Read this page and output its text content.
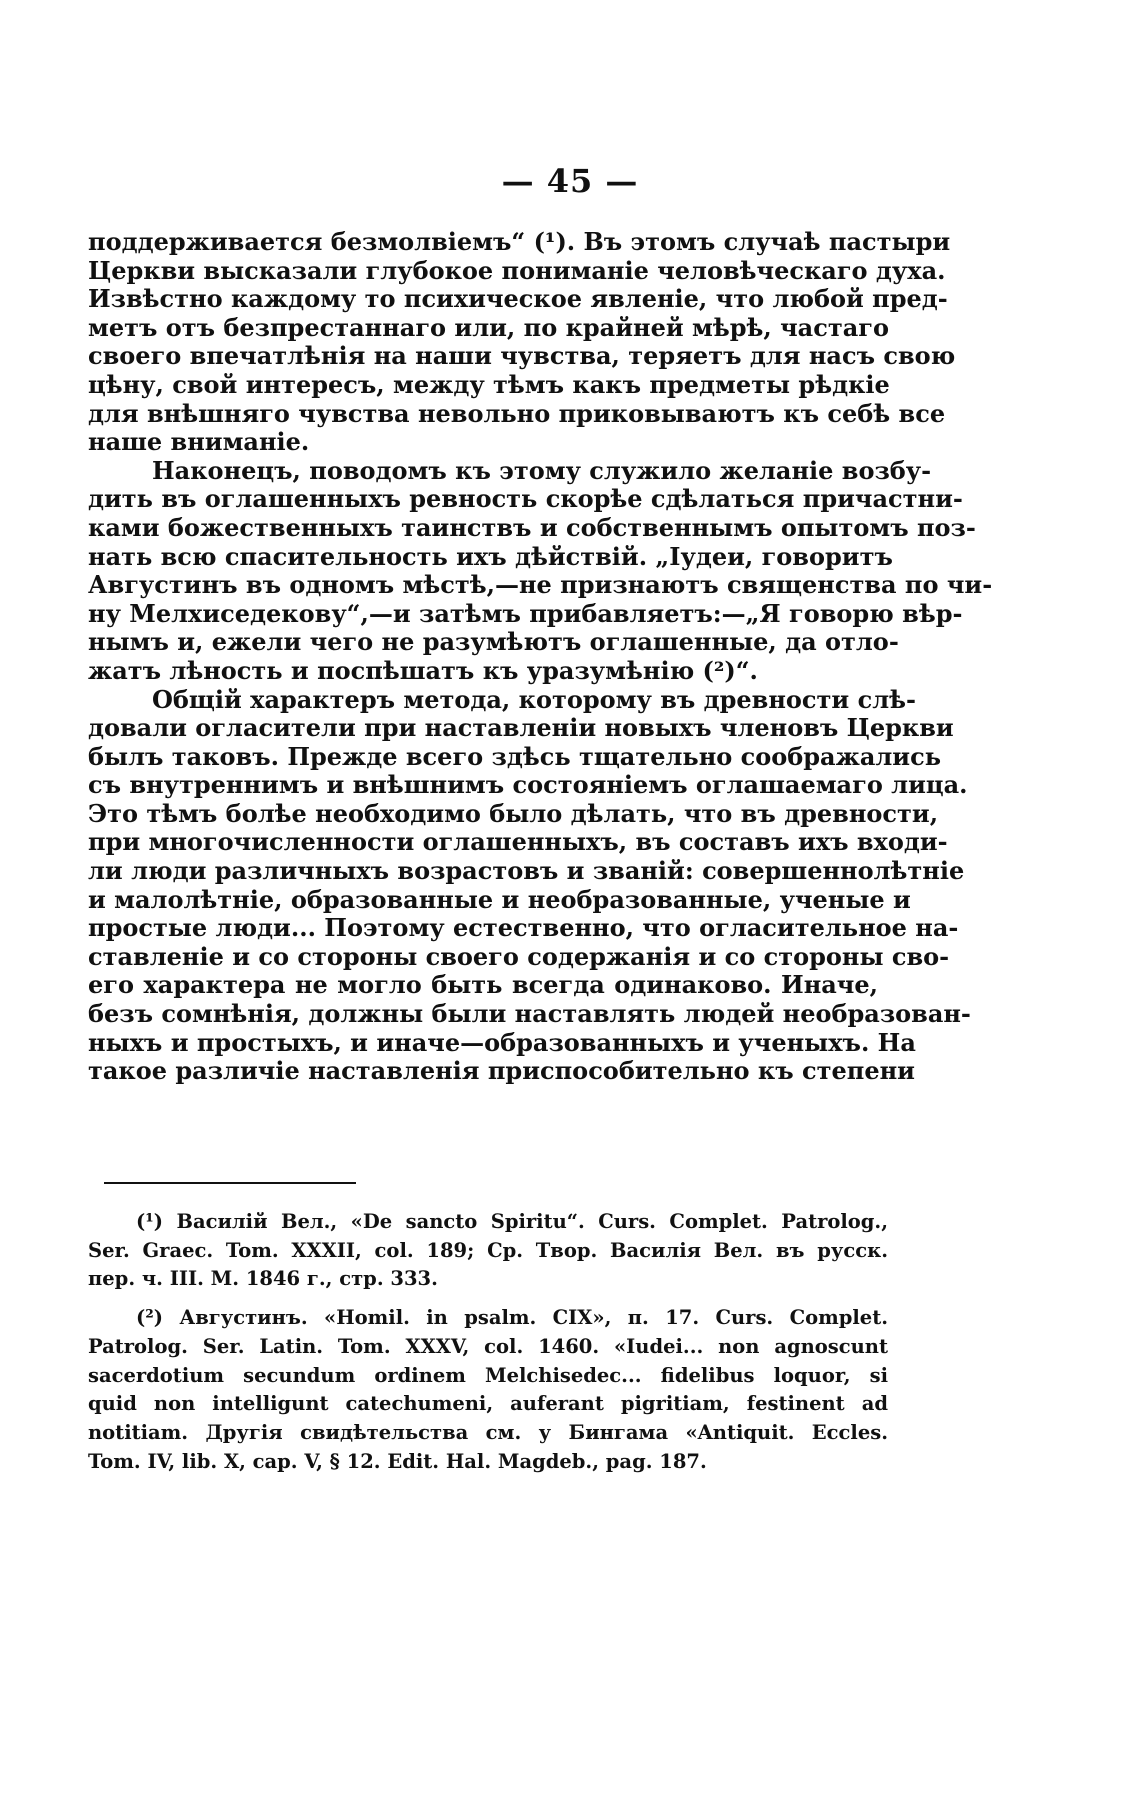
— 45 —
поддерживается безмолвіемъ“ (¹). Въ этомъ случаѣ пастыри
Церкви высказали глубокое пониманіе человѣческаго духа.
Извѣстно каждому то психическое явленіе, что любой пред-
метъ отъ безпрестаннаго или, по крайней мѣрѣ, частаго
своего впечатлѣнія на наши чувства, теряетъ для насъ свою
цѣну, свой интересъ, между тѣмъ какъ предметы рѣдкіе
для внѣшняго чувства невольно приковываютъ къ себѣ все
наше вниманіе.
Наконецъ, поводомъ къ этому служило желаніе возбу-
дить въ оглашенныхъ ревность скорѣе сдѣлаться причастни-
ками божественныхъ таинствъ и собственнымъ опытомъ поз-
нать всю спасительность ихъ дѣйствій. „Іудеи, говоритъ
Августинъ въ одномъ мѣстѣ,—не признаютъ священства по чи-
ну Мелхиседекову“,—и затѣмъ прибавляетъ:—„Я говорю вѣр-
нымъ и, ежели чего не разумѣютъ оглашенные, да отло-
жатъ лѣность и поспѣшатъ къ уразумѣнію (²)“.
Общій характеръ метода, которому въ древности слѣ-
довали огласители при наставленіи новыхъ членовъ Церкви
былъ таковъ. Прежде всего здѣсь тщательно соображались
съ внутреннимъ и внѣшнимъ состояніемъ оглашаемаго лица.
Это тѣмъ болѣе необходимо было дѣлать, что въ древности,
при многочисленности оглашенныхъ, въ составъ ихъ входи-
ли люди различныхъ возрастовъ и званій: совершеннолѣтніе
и малолѣтніе, образованные и необразованные, ученые и
простые люди... Поэтому естественно, что огласительное на-
ставленіе и со стороны своего содержанія и со стороны сво-
его характера не могло быть всегда одинаково. Иначе,
безъ сомнѣнія, должны были наставлять людей необразован-
ныхъ и простыхъ, и иначе—образованныхъ и ученыхъ. На
такое различіе наставленія приспособительно къ степени
(¹) Василій Вел., «De sancto Spiritu“. Curs. Complet. Patrolog.,
Ser. Graec. Tom. XXXII, col. 189; Ср. Твор. Василія Вел. въ русск.
пер. ч. III. М. 1846 г., стр. 333.
(²) Августинъ. «Homil. in psalm. CIX», п. 17. Curs. Complet.
Patrolog. Ser. Latin. Tom. XXXV, col. 1460. «Iudei... non agnoscunt
sacerdotium secundum ordinem Melchisedec... fidelibus loquor, si
quid non intelligunt catechumeni, auferant pigritiam, festinent ad
notitiam. Другія свидѣтельства см. у Бингама «Antiquit. Eccles.
Tom. IV, lib. X, cap. V, § 12. Edit. Hal. Magdeb., pag. 187.
